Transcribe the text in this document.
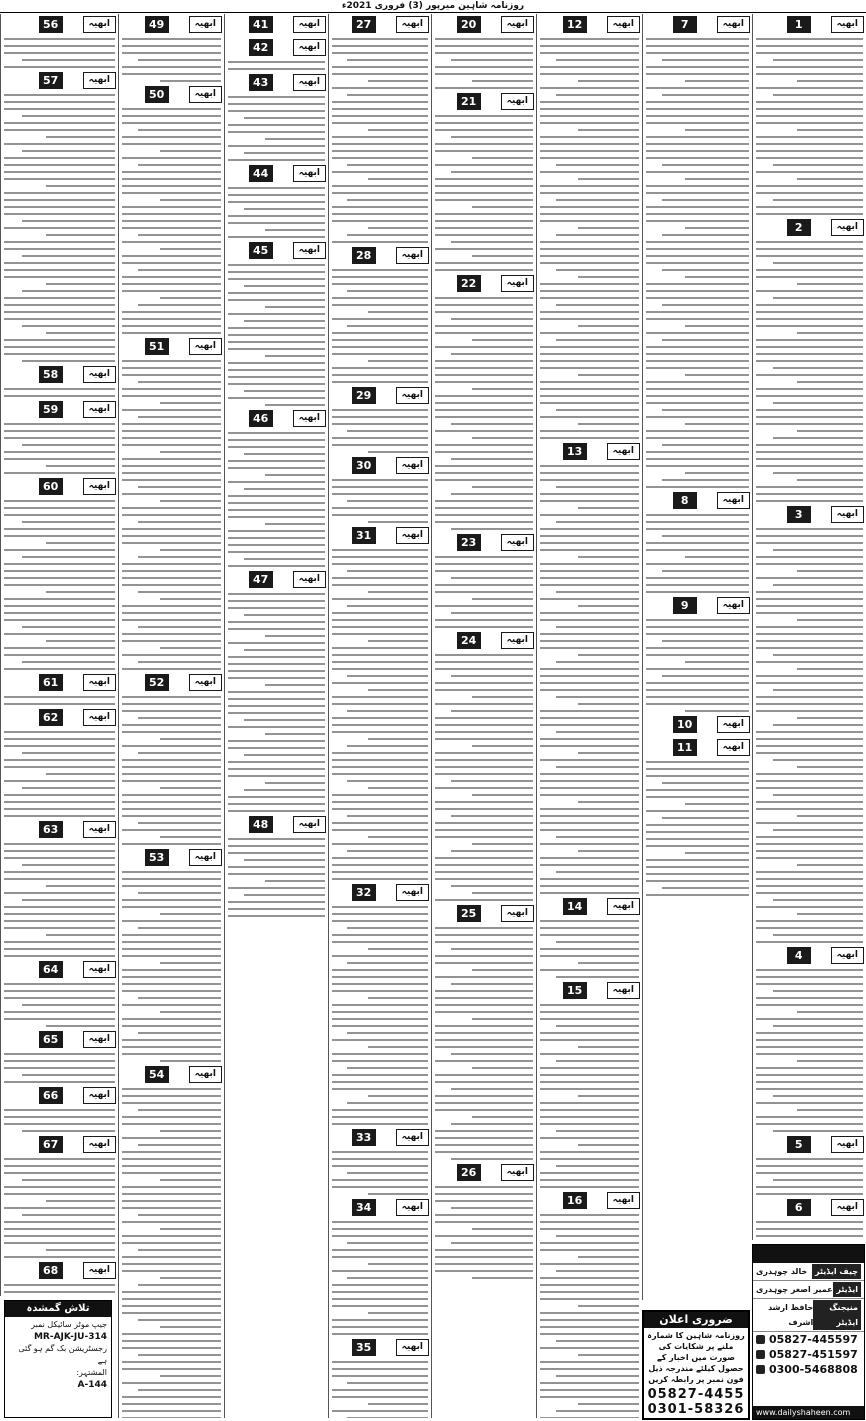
روزنامہ شاہین میرپور (3) فروری 2021ء
1	ابھیہ
2	ابھیہ
3	ابھیہ
4	ابھیہ
5	ابھیہ
6	ابھیہ
7	ابھیہ
8	ابھیہ
9	ابھیہ
10	ابھیہ
11	ابھیہ
12	ابھیہ
13	ابھیہ
14	ابھیہ
15	ابھیہ
16	ابھیہ
20	ابھیہ
21	ابھیہ
22	ابھیہ
23	ابھیہ
24	ابھیہ
25	ابھیہ
26	ابھیہ
27	ابھیہ
28	ابھیہ
29	ابھیہ
30	ابھیہ
31	ابھیہ
32	ابھیہ
33	ابھیہ
34	ابھیہ
35	ابھیہ
41	ابھیہ
42	ابھیہ
43	ابھیہ
44	ابھیہ
45	ابھیہ
46	ابھیہ
47	ابھیہ
48	ابھیہ
49	ابھیہ
50	ابھیہ
51	ابھیہ
52	ابھیہ
53	ابھیہ
54	ابھیہ
56	ابھیہ
57	ابھیہ
58	ابھیہ
59	ابھیہ
60	ابھیہ
61	ابھیہ
62	ابھیہ
63	ابھیہ
64	ابھیہ
65	ابھیہ
66	ابھیہ
67	ابھیہ
68	ابھیہ
تلاش گمشدہ
جیپ موٹر سائیکل نمبر
MR-AJK-JU-314
رجسٹریشن بک گم ہو گئی ہے
المشتہر:
A-144
ضروری اعلان
روزنامہ شاہین کا شمارہ ملنے پر شکایات کی صورت میں اخبار کے حصول کیلئے مندرجہ ذیل فون نمبر پر رابطہ کریں
05827-4455
0301-58326
چیف ایڈیٹر
خالد چوہدری
ایڈیٹر
عمیر اصغر چوہدری
منیجنگ ایڈیٹر
حافظ ارشد اشرف
05827-445597
05827-451597
0300-5468808
www.dailyshaheen.com
